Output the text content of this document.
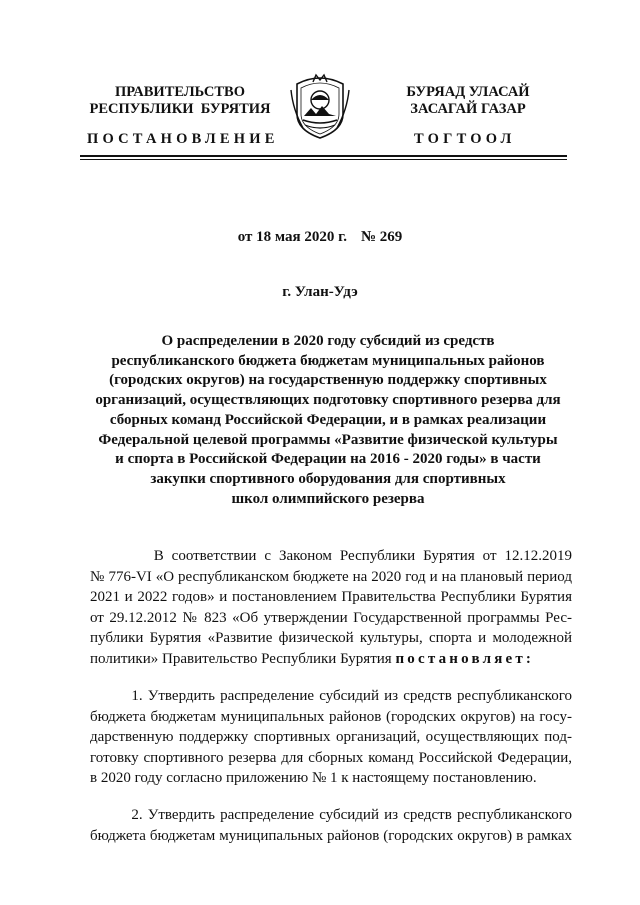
ПРАВИТЕЛЬСТВО
РЕСПУБЛИКИ  БУРЯТИЯ
БУРЯАД УЛАСАЙ
ЗАСАГАЙ ГАЗАР
ПОСТАНОВЛЕНИЕ	ТОГТООЛ
от 18 мая 2020 г. № 269
г. Улан-Удэ
О распределении в 2020 году субсидий из средств
республиканского бюджета бюджетам муниципальных районов
(городских округов) на государственную поддержку спортивных
организаций, осуществляющих подготовку спортивного резерва для
сборных команд Российской Федерации, и в рамках реализации
Федеральной целевой программы «Развитие физической культуры
и спорта в Российской Федерации на 2016 - 2020 годы» в части
закупки спортивного оборудования для спортивных
школ олимпийского резерва
В соответствии с Законом Республики Бурятия от 12.12.2019
№ 776-VI «О республиканском бюджете на 2020 год и на плановый период
2021 и 2022 годов» и постановлением Правительства Республики Бурятия
от 29.12.2012 № 823 «Об утверждении Государственной программы Рес-
публики Бурятия «Развитие физической культуры, спорта и молодежной
политики» Правительство Республики Бурятия постановляет:
1. Утвердить распределение субсидий из средств республиканского
бюджета бюджетам муниципальных районов (городских округов) на госу-
дарственную поддержку спортивных организаций, осуществляющих под-
готовку спортивного резерва для сборных команд Российской Федерации,
в 2020 году согласно приложению № 1 к настоящему постановлению.
2. Утвердить распределение субсидий из средств республиканского
бюджета бюджетам муниципальных районов (городских округов) в рамках
